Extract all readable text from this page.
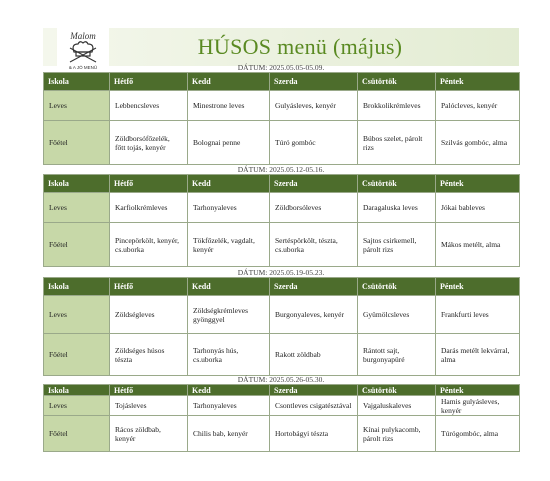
Malom
& A JÓ MENÜ
HÚSOS menü (május)
DÁTUM: 2025.05.05-05.09.
Iskola	Hétfő	Kedd	Szerda	Csütörtök	Péntek
Leves	Lebbencsleves	Minestrone leves	Gulyásleves, kenyér	Brokkolikrémleves	Palócleves, kenyér
Főétel	Zöldborsófőzelék, főtt tojás, kenyér	Bolognai penne	Túró gombóc	Búbos szelet, párolt rizs	Szilvás gombóc, alma
DÁTUM: 2025.05.12-05.16.
Iskola	Hétfő	Kedd	Szerda	Csütörtök	Péntek
Leves	Karfiolkrémleves	Tarhonyaleves	Zöldborsóleves	Daragaluska leves	Jókai bableves
Főétel	Pincepörkölt, kenyér, cs.uborka	Tökfőzelék, vagdalt, kenyér	Sertéspörkölt, tészta, cs.uborka	Sajtos csirkemell, párolt rizs	Mákos metélt, alma
DÁTUM: 2025.05.19-05.23.
Iskola	Hétfő	Kedd	Szerda	Csütörtök	Péntek
Leves	Zöldségleves	Zöldségkrémleves gyönggyel	Burgonyaleves, kenyér	Gyümölcsleves	Frankfurti leves
Főétel	Zöldséges húsos tészta	Tarhonyás hús, cs.uborka	Rakott zöldbab	Rántott sajt, burgonyapüré	Darás metélt lekvárral, alma
DÁTUM: 2025.05.26-05.30.
Iskola	Hétfő	Kedd	Szerda	Csütörtök	Péntek
Leves	Tojásleves	Tarhonyaleves	Csontleves csigatésztával	Vajgaluskaleves	Hamis gulyásleves, kenyér
Főétel	Rácos zöldbab, kenyér	Chilis bab, kenyér	Hortobágyi tészta	Kínai pulykacomb, párolt rizs	Túrógombóc, alma
